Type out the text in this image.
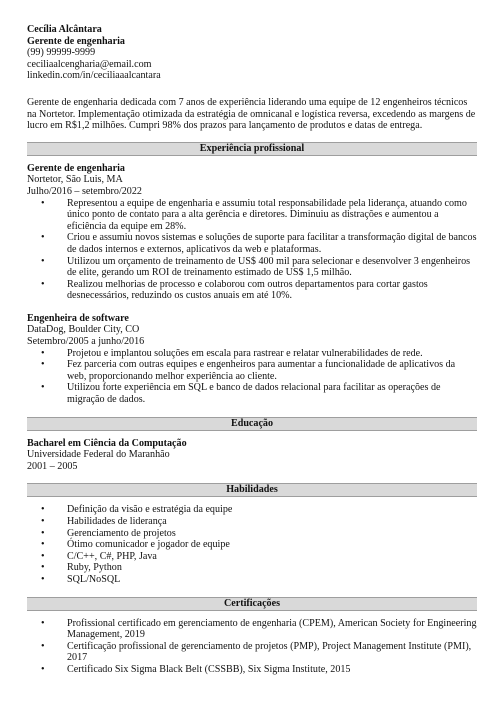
Cecília Alcântara
Gerente de engenharia
(99) 99999-9999
ceciliaalcengharia@email.com
linkedin.com/in/ceciliaaalcantara
Gerente de engenharia dedicada com 7 anos de experiência liderando uma equipe de 12 engenheiros técnicos na Nortetor. Implementação otimizada da estratégia de omnicanal e logística reversa, excedendo as margens de lucro em R$1,2 milhões. Cumpri 98% dos prazos para lançamento de produtos e datas de entrega.
Experiência profissional
Gerente de engenharia
Nortetor, São Luis, MA
Julho/2016 – setembro/2022
• Representou a equipe de engenharia e assumiu total responsabilidade pela liderança, atuando como único ponto de contato para a alta gerência e diretores. Diminuiu as distrações e aumentou a eficiência da equipe em 28%.
• Criou e assumiu novos sistemas e soluções de suporte para facilitar a transformação digital de bancos de dados internos e externos, aplicativos da web e plataformas.
• Utilizou um orçamento de treinamento de US$ 400 mil para selecionar e desenvolver 3 engenheiros de elite, gerando um ROI de treinamento estimado de US$ 1,5 milhão.
• Realizou melhorias de processo e colaborou com outros departamentos para cortar gastos desnecessários, reduzindo os custos anuais em até 10%.
Engenheira de software
DataDog, Boulder City, CO
Setembro/2005 a junho/2016
• Projetou e implantou soluções em escala para rastrear e relatar vulnerabilidades de rede.
• Fez parceria com outras equipes e engenheiros para aumentar a funcionalidade de aplicativos da web, proporcionando melhor experiência ao cliente.
• Utilizou forte experiência em SQL e banco de dados relacional para facilitar as operações de migração de dados.
Educação
Bacharel em Ciência da Computação
Universidade Federal do Maranhão
2001 – 2005
Habilidades
• Definição da visão e estratégia da equipe
• Habilidades de liderança
• Gerenciamento de projetos
• Ótimo comunicador e jogador de equipe
• C/C++, C#, PHP, Java
• Ruby, Python
• SQL/NoSQL
Certificações
• Profissional certificado em gerenciamento de engenharia (CPEM), American Society for Engineering Management, 2019
• Certificação profissional de gerenciamento de projetos (PMP), Project Management Institute (PMI), 2017
• Certificado Six Sigma Black Belt (CSSBB), Six Sigma Institute, 2015
